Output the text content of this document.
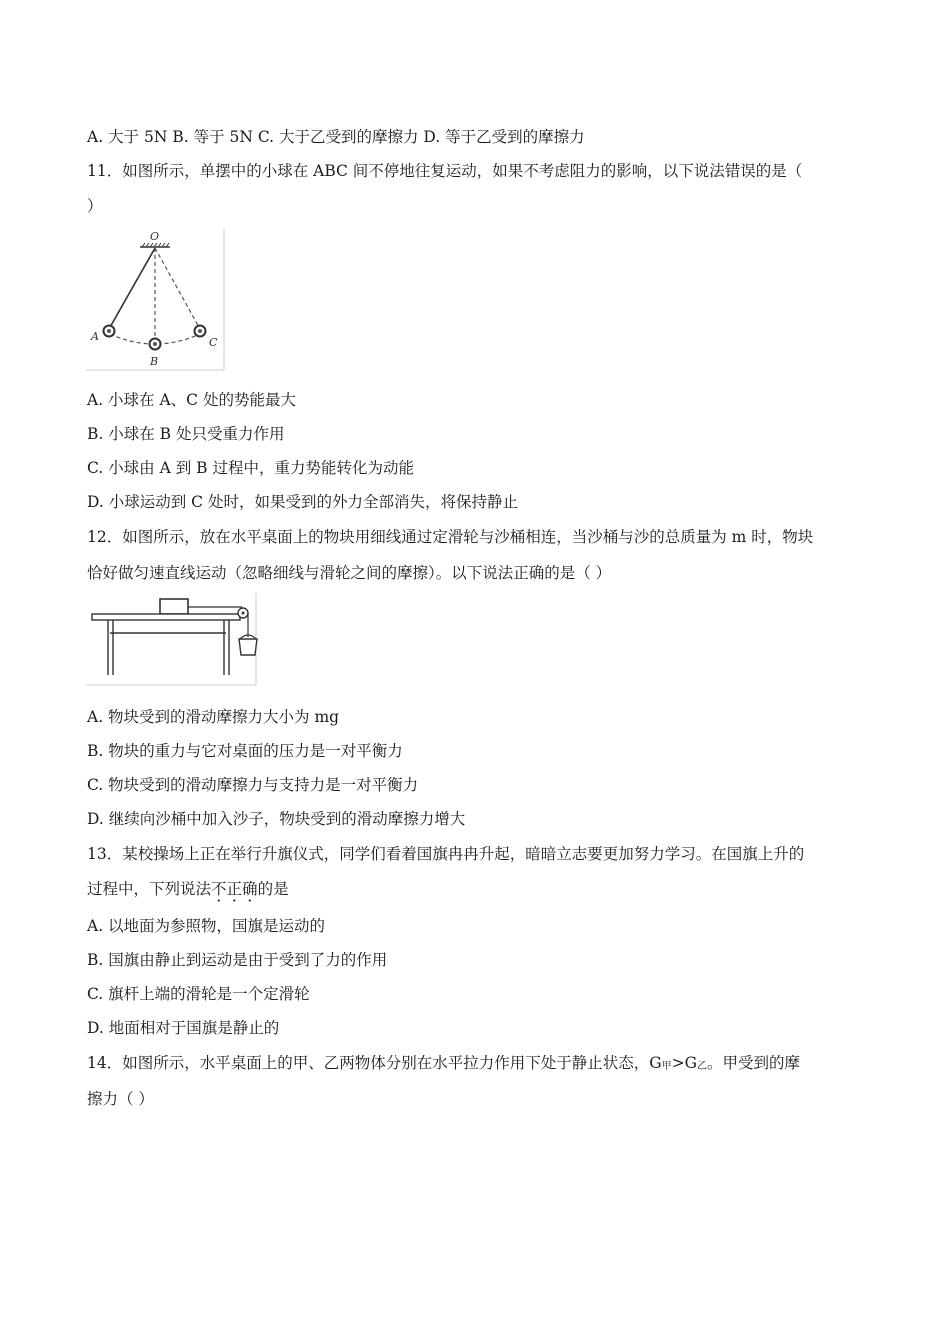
A. 大于 5N B. 等于 5N C. 大于乙受到的摩擦力 D. 等于乙受到的摩擦力
11．如图所示，单摆中的小球在 ABC 间不停地往复运动，如果不考虑阻力的影响，以下说法错误的是（
）
O
A
B
C
A. 小球在 A、C 处的势能最大
B. 小球在 B 处只受重力作用
C. 小球由 A 到 B 过程中，重力势能转化为动能
D. 小球运动到 C 处时，如果受到的外力全部消失，将保持静止
12．如图所示，放在水平桌面上的物块用细线通过定滑轮与沙桶相连，当沙桶与沙的总质量为 m 时，物块
恰好做匀速直线运动（忽略细线与滑轮之间的摩擦）。以下说法正确的是（ ）
A. 物块受到的滑动摩擦力大小为 mg
B. 物块的重力与它对桌面的压力是一对平衡力
C. 物块受到的滑动摩擦力与支持力是一对平衡力
D. 继续向沙桶中加入沙子，物块受到的滑动摩擦力增大
13．某校操场上正在举行升旗仪式，同学们看着国旗冉冉升起，暗暗立志要更加努力学习。在国旗上升的
过程中，下列说法不正确的是
A. 以地面为参照物，国旗是运动的
B. 国旗由静止到运动是由于受到了力的作用
C. 旗杆上端的滑轮是一个定滑轮
D. 地面相对于国旗是静止的
14．如图所示，水平桌面上的甲、乙两物体分别在水平拉力作用下处于静止状态，$G_甲>G_乙$。甲受到的摩
擦力（ ）
